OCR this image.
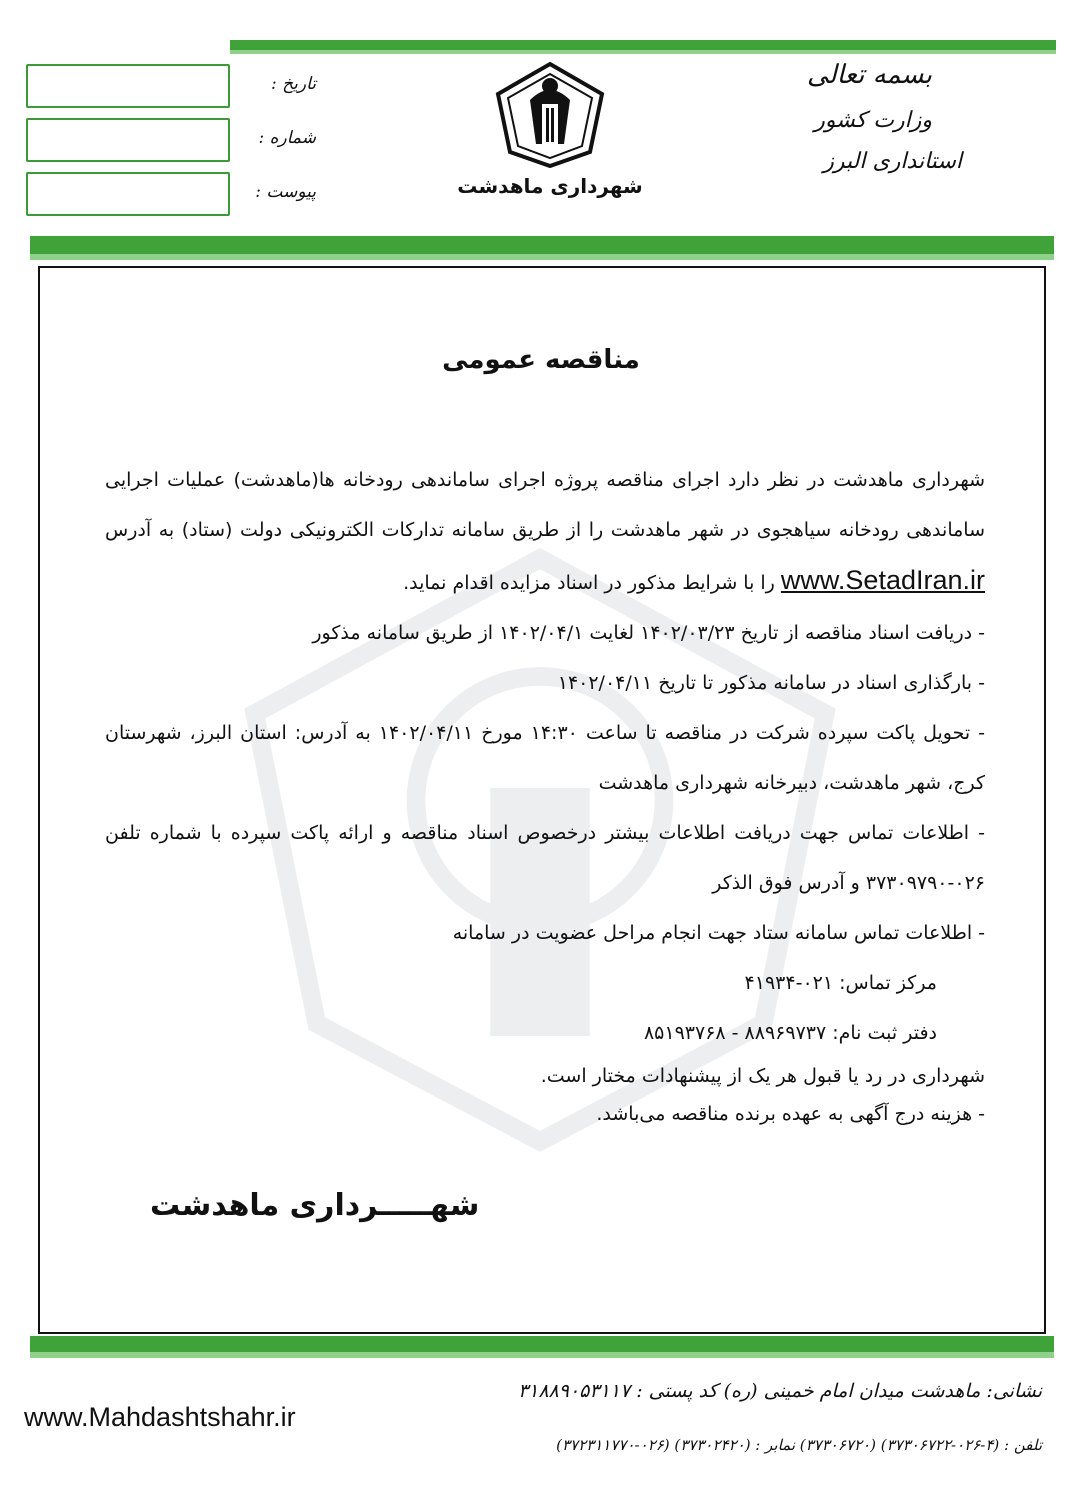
بسمه تعالی
وزارت کشور
استانداری البرز
شهرداری ماهدشت
تاریخ :
شماره :
پیوست :
مناقصه عمومی

شهرداری ماهدشت در نظر دارد اجرای مناقصه پروژه اجرای ساماندهی رودخانه ها(ماهدشت) عملیات اجرایی ساماندهی رودخانه سیاهجوی در شهر ماهدشت را از طریق سامانه تدارکات الکترونیکی دولت (ستاد) به آدرس www.SetadIran.ir را با شرایط مذکور در اسناد مزایده اقدام نماید.

- دریافت اسناد مناقصه از تاریخ ۱۴۰۲/۰۳/۲۳ لغایت ۱۴۰۲/۰۴/۱ از طریق سامانه مذکور

- بارگذاری اسناد در سامانه مذکور تا تاریخ ۱۴۰۲/۰۴/۱۱

- تحویل پاکت سپرده شرکت در مناقصه تا ساعت ۱۴:۳۰ مورخ ۱۴۰۲/۰۴/۱۱ به آدرس: استان البرز، شهرستان کرج، شهر ماهدشت، دبیرخانه شهرداری ماهدشت

- اطلاعات تماس جهت دریافت اطلاعات بیشتر درخصوص اسناد مناقصه و ارائه پاکت سپرده با شماره تلفن ۰۲۶-۳۷۳۰۹۷۹۰ و آدرس فوق الذکر

- اطلاعات تماس سامانه ستاد جهت انجام مراحل عضویت در سامانه

مرکز تماس: ۰۲۱-۴۱۹۳۴

دفتر ثبت نام: ۸۸۹۶۹۷۳۷ - ۸۵۱۹۳۷۶۸

شهرداری در رد یا قبول هر یک از پیشنهادات مختار است.

- هزینه درج آگهی به عهده برنده مناقصه می‌باشد.

شهـــــرداری ماهدشت
نشانی: ماهدشت میدان امام خمینی (ره) کد پستی : ۳۱۸۸۹۰۵۳۱۱۷
تلفن : (۴-۰۲۶-۳۷۳۰۶۷۲۲) (۳۷۳۰۶۷۲۰) نمابر : (۳۷۳۰۲۴۲۰) (۰۲۶-۳۷۲۳۱۱۷۷۰)
www.Mahdashtshahr.ir
